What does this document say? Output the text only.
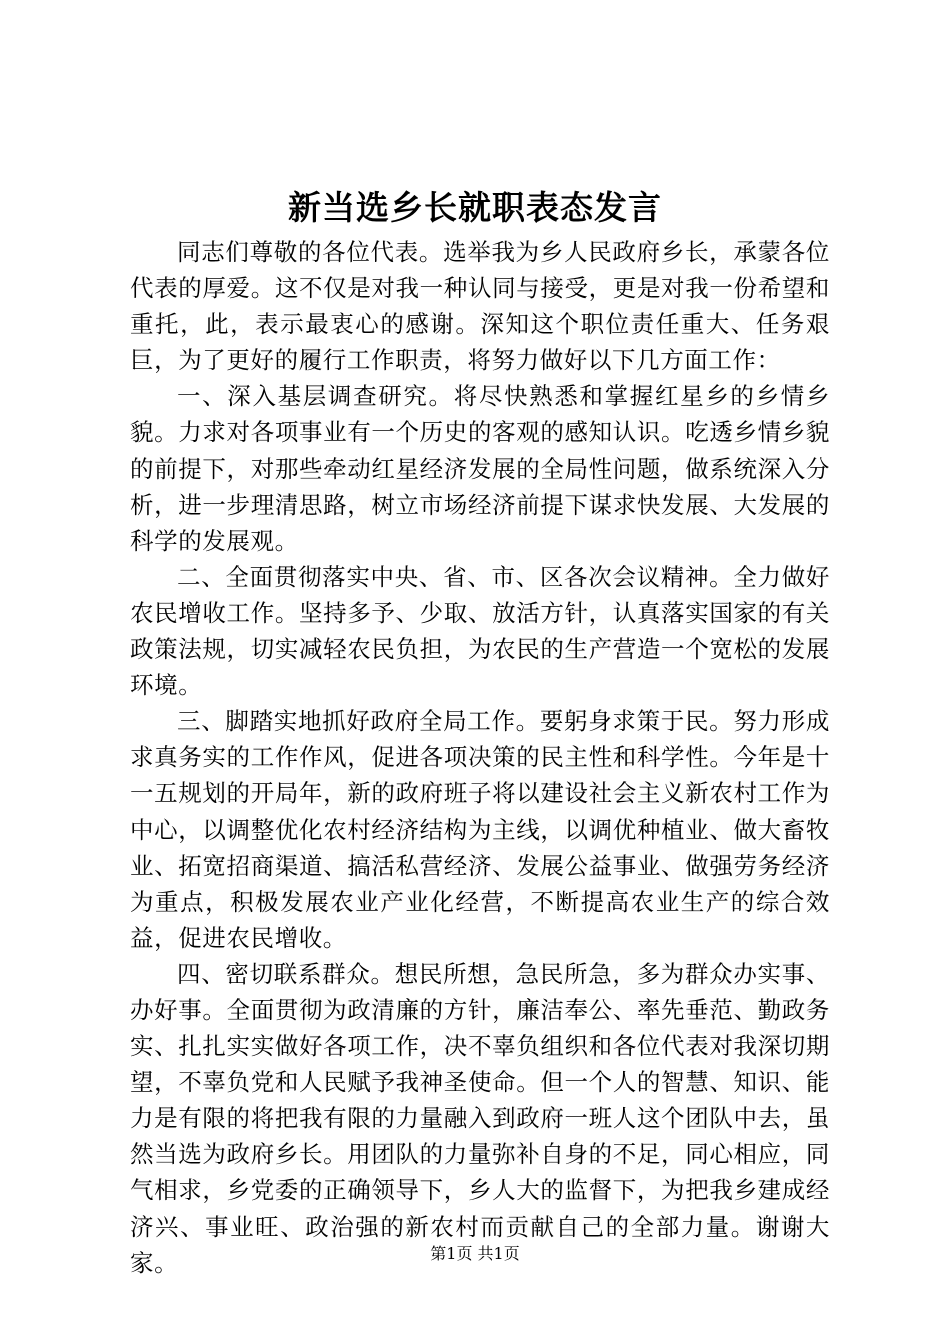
新当选乡长就职表态发言

同志们尊敬的各位代表。选举我为乡人民政府乡长，承蒙各位代表的厚爱。这不仅是对我一种认同与接受，更是对我一份希望和重托，此，表示最衷心的感谢。深知这个职位责任重大、任务艰巨，为了更好的履行工作职责，将努力做好以下几方面工作：

一、深入基层调查研究。将尽快熟悉和掌握红星乡的乡情乡貌。力求对各项事业有一个历史的客观的感知认识。吃透乡情乡貌的前提下，对那些牵动红星经济发展的全局性问题，做系统深入分析，进一步理清思路，树立市场经济前提下谋求快发展、大发展的科学的发展观。

二、全面贯彻落实中央、省、市、区各次会议精神。全力做好农民增收工作。坚持多予、少取、放活方针，认真落实国家的有关政策法规，切实减轻农民负担，为农民的生产营造一个宽松的发展环境。

三、脚踏实地抓好政府全局工作。要躬身求策于民。努力形成求真务实的工作作风，促进各项决策的民主性和科学性。今年是十一五规划的开局年，新的政府班子将以建设社会主义新农村工作为中心，以调整优化农村经济结构为主线，以调优种植业、做大畜牧业、拓宽招商渠道、搞活私营经济、发展公益事业、做强劳务经济为重点，积极发展农业产业化经营，不断提高农业生产的综合效益，促进农民增收。

四、密切联系群众。想民所想，急民所急，多为群众办实事、办好事。全面贯彻为政清廉的方针，廉洁奉公、率先垂范、勤政务实、扎扎实实做好各项工作，决不辜负组织和各位代表对我深切期望，不辜负党和人民赋予我神圣使命。但一个人的智慧、知识、能力是有限的将把我有限的力量融入到政府一班人这个团队中去，虽然当选为政府乡长。用团队的力量弥补自身的不足，同心相应，同气相求，乡党委的正确领导下，乡人大的监督下，为把我乡建成经济兴、事业旺、政治强的新农村而贡献自己的全部力量。谢谢大家。	第1页 共1页
